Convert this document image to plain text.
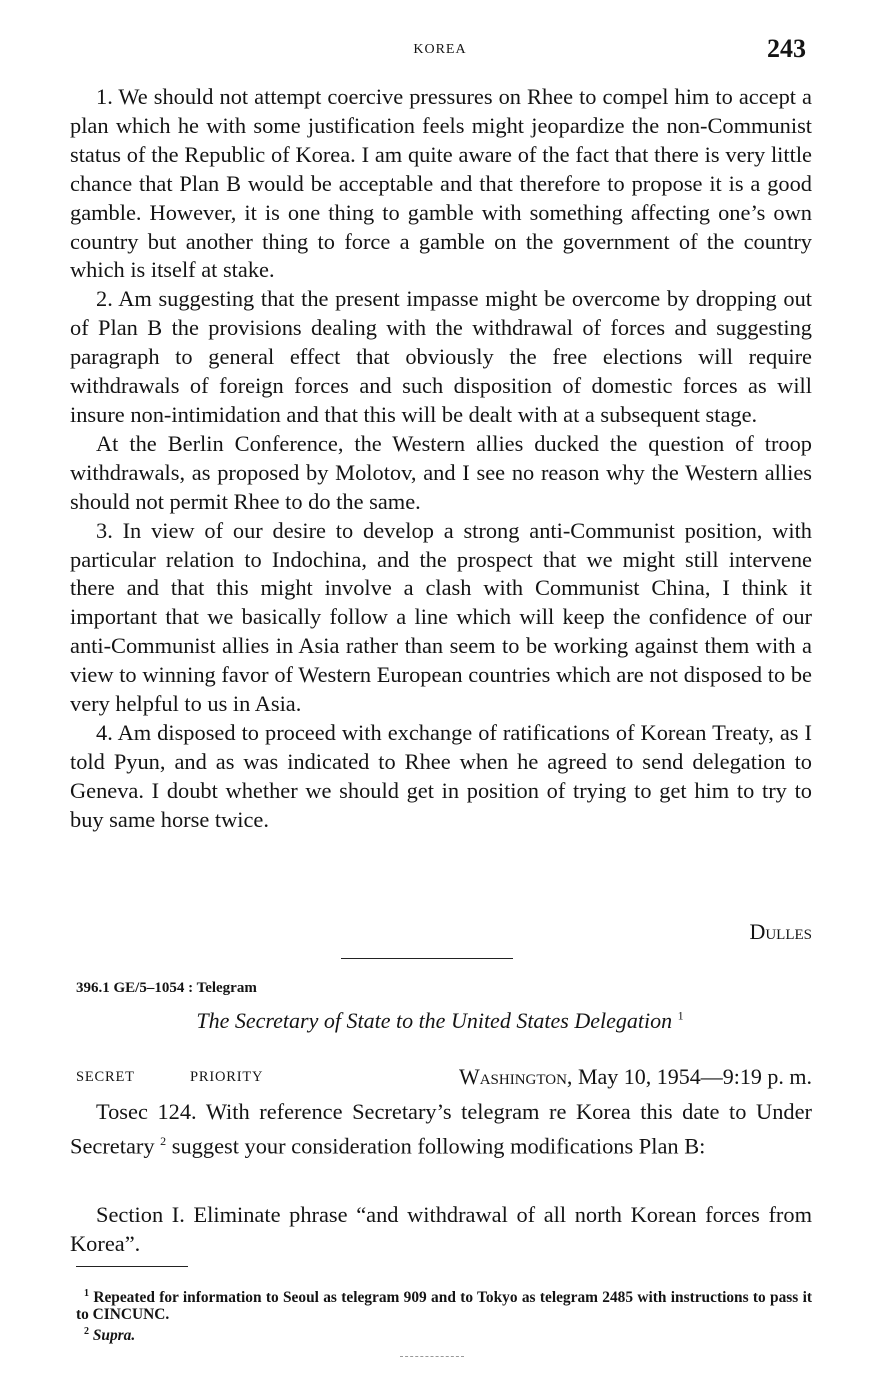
KOREA	243

1. We should not attempt coercive pressures on Rhee to compel him to accept a plan which he with some justification feels might jeopardize the non-Communist status of the Republic of Korea. I am quite aware of the fact that there is very little chance that Plan B would be acceptable and that therefore to propose it is a good gamble. However, it is one thing to gamble with something affecting one’s own country but another thing to force a gamble on the government of the country which is itself at stake.

2. Am suggesting that the present impasse might be overcome by dropping out of Plan B the provisions dealing with the withdrawal of forces and suggesting paragraph to general effect that obviously the free elections will require withdrawals of foreign forces and such disposition of domestic forces as will insure non-intimidation and that this will be dealt with at a subsequent stage.

At the Berlin Conference, the Western allies ducked the question of troop withdrawals, as proposed by Molotov, and I see no reason why the Western allies should not permit Rhee to do the same.

3. In view of our desire to develop a strong anti-Communist position, with particular relation to Indochina, and the prospect that we might still intervene there and that this might involve a clash with Communist China, I think it important that we basically follow a line which will keep the confidence of our anti-Communist allies in Asia rather than seem to be working against them with a view to winning favor of Western European countries which are not disposed to be very helpful to us in Asia.

4. Am disposed to proceed with exchange of ratifications of Korean Treaty, as I told Pyun, and as was indicated to Rhee when he agreed to send delegation to Geneva. I doubt whether we should get in position of trying to get him to try to buy same horse twice.

Dulles
396.1 GE/5–1054 : Telegram
The Secretary of State to the United States Delegation $^1$
SECRET	PRIORITY	Washington, May 10, 1954—9:19 p. m.

Tosec 124. With reference Secretary’s telegram re Korea this date to Under Secretary $^2$ suggest your consideration following modifications Plan B:

Section I. Eliminate phrase “and withdrawal of all north Korean forces from Korea”.

$^1$ Repeated for information to Seoul as telegram 909 and to Tokyo as telegram 2485 with instructions to pass it to CINCUNC.

$^2$ Supra.
